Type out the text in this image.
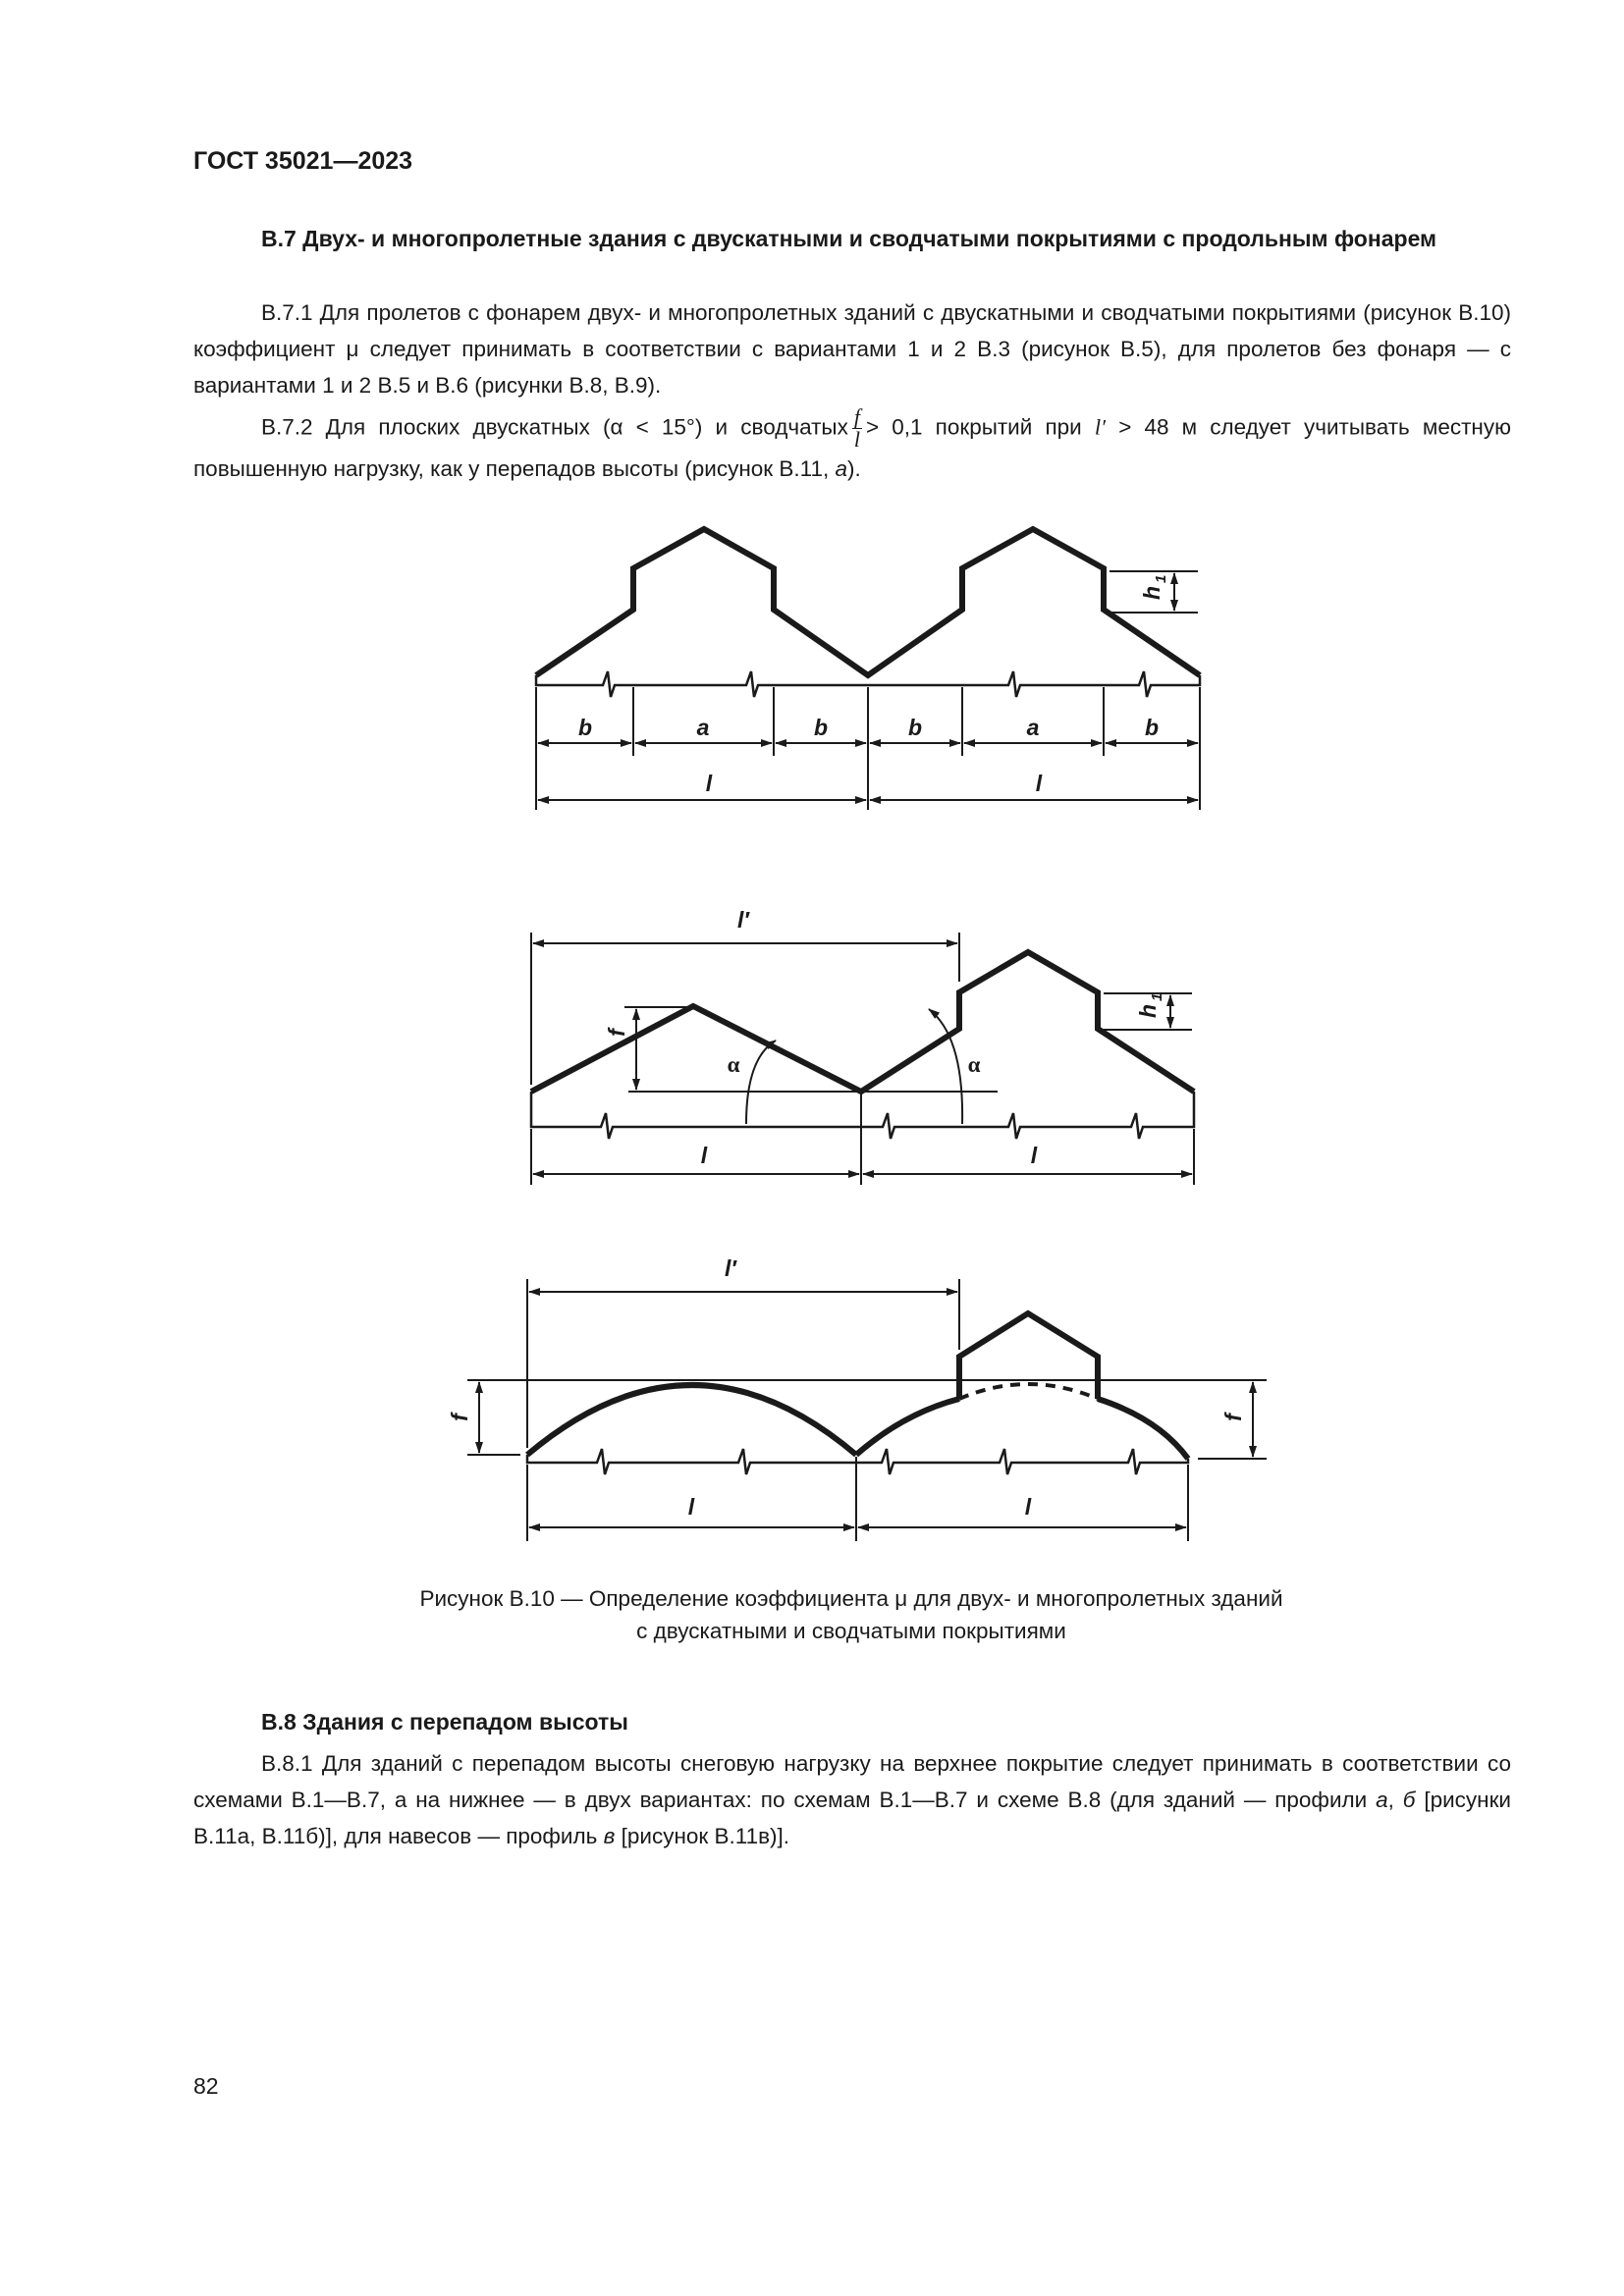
ГОСТ 35021—2023
В.7 Двух- и многопролетные здания с двускатными и сводчатыми покрытиями с продольным фонарем
В.7.1 Для пролетов с фонарем двух- и многопролетных зданий с двускатными и сводчатыми покрытиями (рисунок В.10) коэффициент μ следует принимать в соответствии с вариантами 1 и 2 В.3 (рисунок В.5), для пролетов без фонаря — с вариантами 1 и 2 В.5 и В.6 (рисунки В.8, В.9).
В.7.2 Для плоских двускатных (α < 15°) и сводчатых $\frac{f}{l} > 0,1$ покрытий при l′ > 48 м следует учитывать местную повышенную нагрузку, как у перепадов высоты (рисунок В.11, а).
b	a	b	b	a	b
l	l
h
1
l′
f
α	α
l	l
h
1
l′
f	f
l	l
Рисунок В.10 — Определение коэффициента μ для двух- и многопролетных зданий
с двускатными и сводчатыми покрытиями
В.8 Здания с перепадом высоты
В.8.1 Для зданий с перепадом высоты снеговую нагрузку на верхнее покрытие следует принимать в соответствии со схемами В.1—В.7, а на нижнее — в двух вариантах: по схемам В.1—В.7 и схеме В.8 (для зданий — профили а, б [рисунки В.11а, В.11б)], для навесов — профиль в [рисунок В.11в)].
82
